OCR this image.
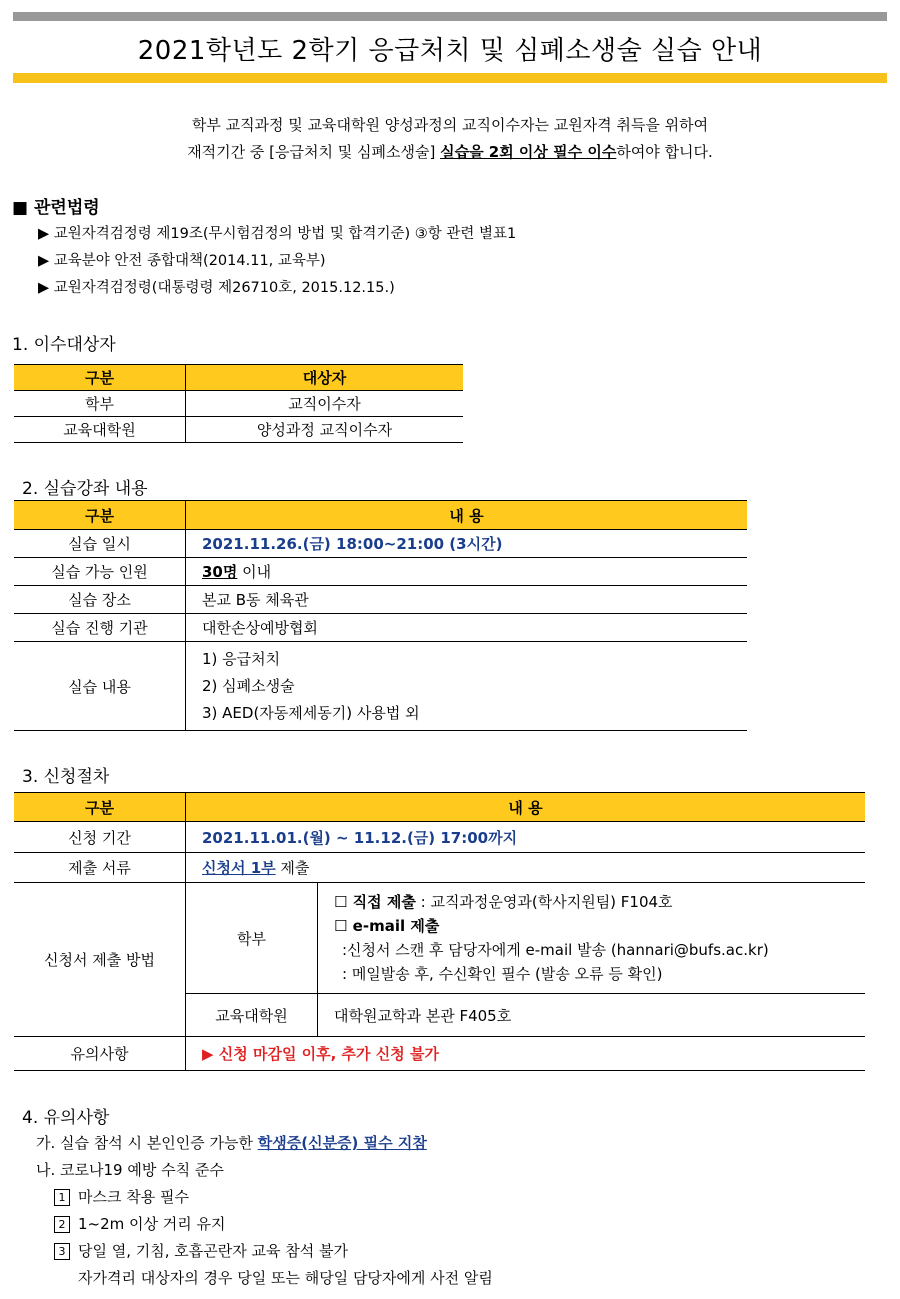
2021학년도 2학기 응급처치 및 심폐소생술 실습 안내
학부 교직과정 및 교육대학원 양성과정의 교직이수자는 교원자격 취득을 위하여
재적기간 중 [응급처치 및 심폐소생술] 실습을 2회 이상 필수 이수하여야 합니다.
■ 관련법령
▶ 교원자격검정령 제19조(무시험검정의 방법 및 합격기준) ③항 관련 별표1
▶ 교육분야 안전 종합대책(2014.11, 교육부)
▶ 교원자격검정령(대통령령 제26710호, 2015.12.15.)
1. 이수대상자
구분	대상자
학부	교직이수자
교육대학원	양성과정 교직이수자
2. 실습강좌 내용
구분	내 용
실습 일시	2021.11.26.(금) 18:00~21:00 (3시간)
실습 가능 인원	30명 이내
실습 장소	본교 B동 체육관
실습 진행 기관	대한손상예방협회
실습 내용	1) 응급처치
2) 심폐소생술
3) AED(자동제세동기) 사용법 외
3. 신청절차
구분	내 용	
신청 기간	2021.11.01.(월) ~ 11.12.(금) 17:00까지	
제출 서류	신청서 1부 제출	
신청서 제출 방법	학부	☐ 직접 제출 : 교직과정운영과(학사지원팀) F104호
☐ e-mail 제출
:신청서 스캔 후 담당자에게 e-mail 발송 (hannari@bufs.ac.kr)
: 메일발송 후, 수신확인 필수 (발송 오류 등 확인)

	교육대학원	대학원교학과 본관 F405호
유의사항	▶ 신청 마감일 이후, 추가 신청 불가	
4. 유의사항
가. 실습 참석 시 본인인증 가능한 학생증(신분증) 필수 지참
나. 코로나19 예방 수칙 준수
1 마스크 착용 필수
2 1~2m 이상 거리 유지
3 당일 열, 기침, 호흡곤란자 교육 참석 불가
자가격리 대상자의 경우 당일 또는 해당일 담당자에게 사전 알림
